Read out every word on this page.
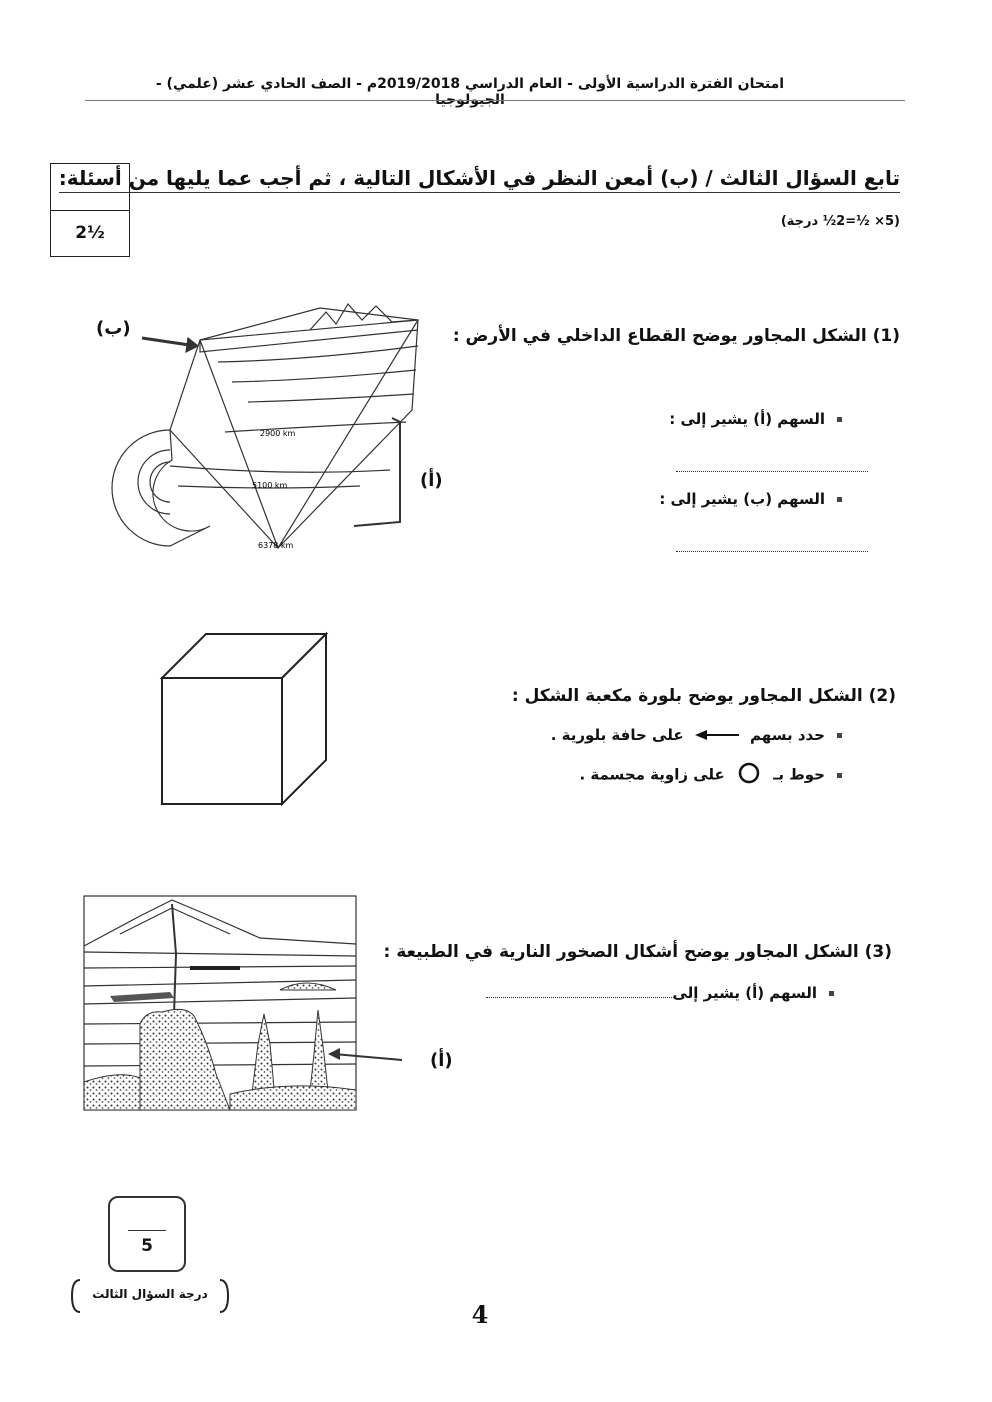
امتحان الفترة الدراسية الأولى - العام الدراسي 2019/2018م - الصف الحادي عشر (علمي) - الجيولوجيا
تابع السؤال الثالث / (ب) أمعن النظر في الأشكال التالية ، ثم أجب عما يليها من أسئلة:
(5× ½=2½ درجة)
2½
(1) الشكل المجاور يوضح القطاع الداخلي في الأرض :
السهم (أ) يشير إلى :
السهم (ب) يشير إلى :
(ب)
(أ)
2900 km
5100 km
6378 km
(2) الشكل المجاور يوضح بلورة مكعبة الشكل :
حدد بسهم  على حافة بلورية .
حوط بـ  على زاوية مجسمة .
(3) الشكل المجاور يوضح أشكال الصخور النارية في الطبيعة :
السهم (أ) يشير إلى
(أ)
5
درجة السؤال الثالث
4
